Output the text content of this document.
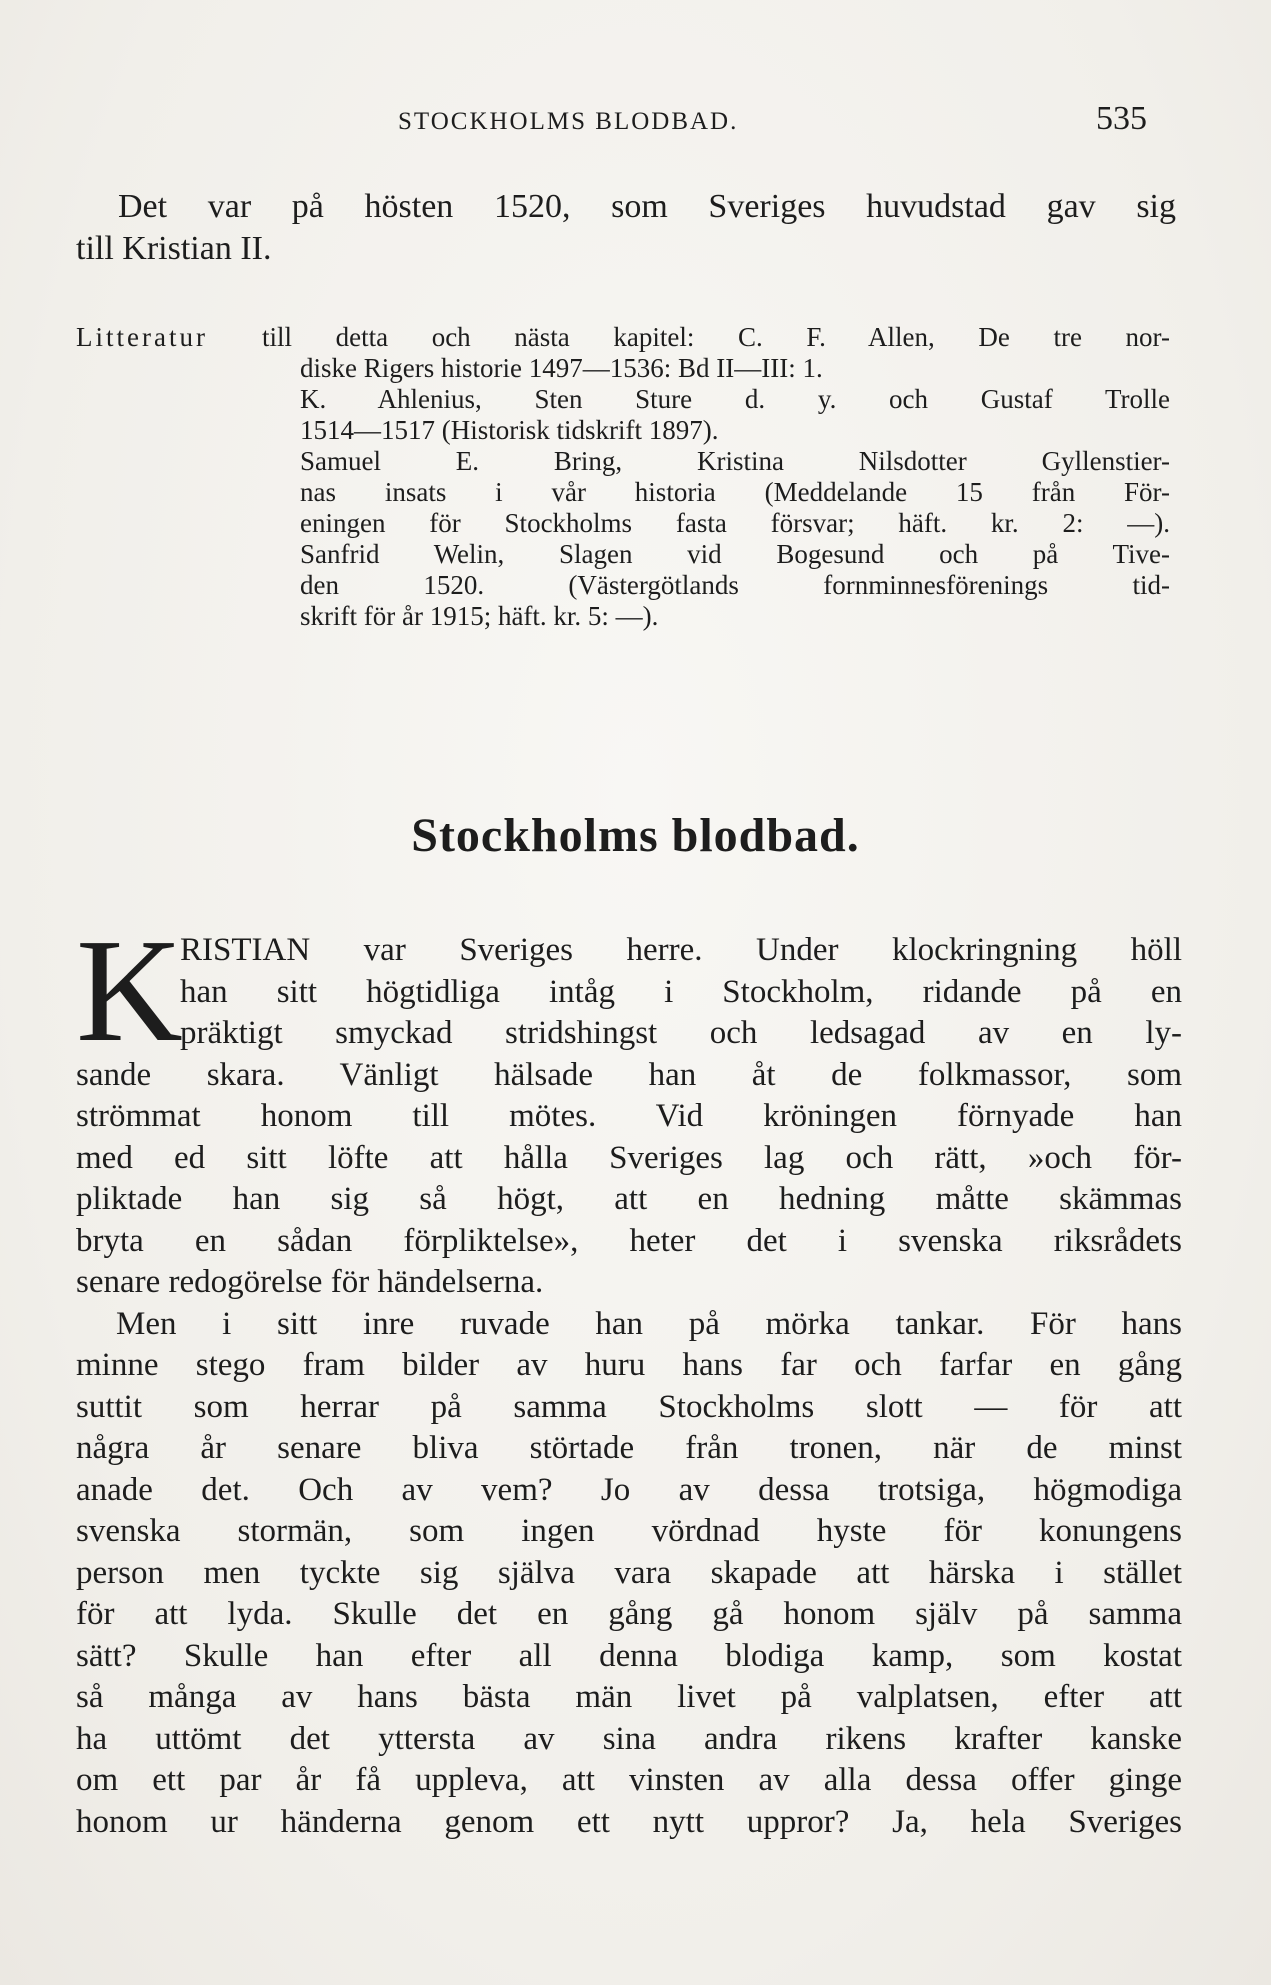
STOCKHOLMS BLODBAD.	535
Det var på hösten 1520, som Sveriges huvudstad gav sig
till Kristian II.
Litteratur till detta och nästa kapitel: C. F. Allen, De tre nor-
diske Rigers historie 1497—1536: Bd II—III: 1.
K. Ahlenius, Sten Sture d. y. och Gustaf Trolle
1514—1517 (Historisk tidskrift 1897).
Samuel E. Bring, Kristina Nilsdotter Gyllenstier-
nas insats i vår historia (Meddelande 15 från För-
eningen för Stockholms fasta försvar; häft. kr. 2: —).
Sanfrid Welin, Slagen vid Bogesund och på Tive-
den 1520. (Västergötlands fornminnesförenings tid-
skrift för år 1915; häft. kr. 5: —).
Stockholms blodbad.
K
RISTIAN var Sveriges herre. Under klockringning höll
han sitt högtidliga intåg i Stockholm, ridande på en
präktigt smyckad stridshingst och ledsagad av en ly-
sande skara. Vänligt hälsade han åt de folkmassor, som
strömmat honom till mötes. Vid kröningen förnyade han
med ed sitt löfte att hålla Sveriges lag och rätt, »och för-
pliktade han sig så högt, att en hedning måtte skämmas
bryta en sådan förpliktelse», heter det i svenska riksrådets
senare redogörelse för händelserna.
Men i sitt inre ruvade han på mörka tankar. För hans
minne stego fram bilder av huru hans far och farfar en gång
suttit som herrar på samma Stockholms slott — för att
några år senare bliva störtade från tronen, när de minst
anade det. Och av vem? Jo av dessa trotsiga, högmodiga
svenska stormän, som ingen vördnad hyste för konungens
person men tyckte sig själva vara skapade att härska i stället
för att lyda. Skulle det en gång gå honom själv på samma
sätt? Skulle han efter all denna blodiga kamp, som kostat
så många av hans bästa män livet på valplatsen, efter att
ha uttömt det yttersta av sina andra rikens krafter kanske
om ett par år få uppleva, att vinsten av alla dessa offer ginge
honom ur händerna genom ett nytt uppror? Ja, hela Sveriges
